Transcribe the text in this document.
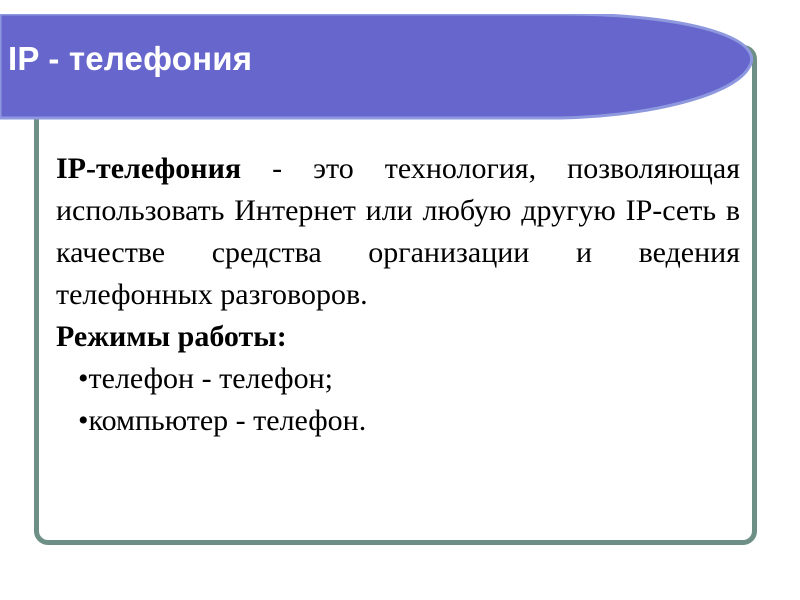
IP - телефония

IP-телефония - это технология, позволяющая использовать Интернет или любую другую IP-сеть в качестве средства организации и ведения телефонных разговоров.

Режимы работы:

•телефон - телефон;
•компьютер - телефон.
